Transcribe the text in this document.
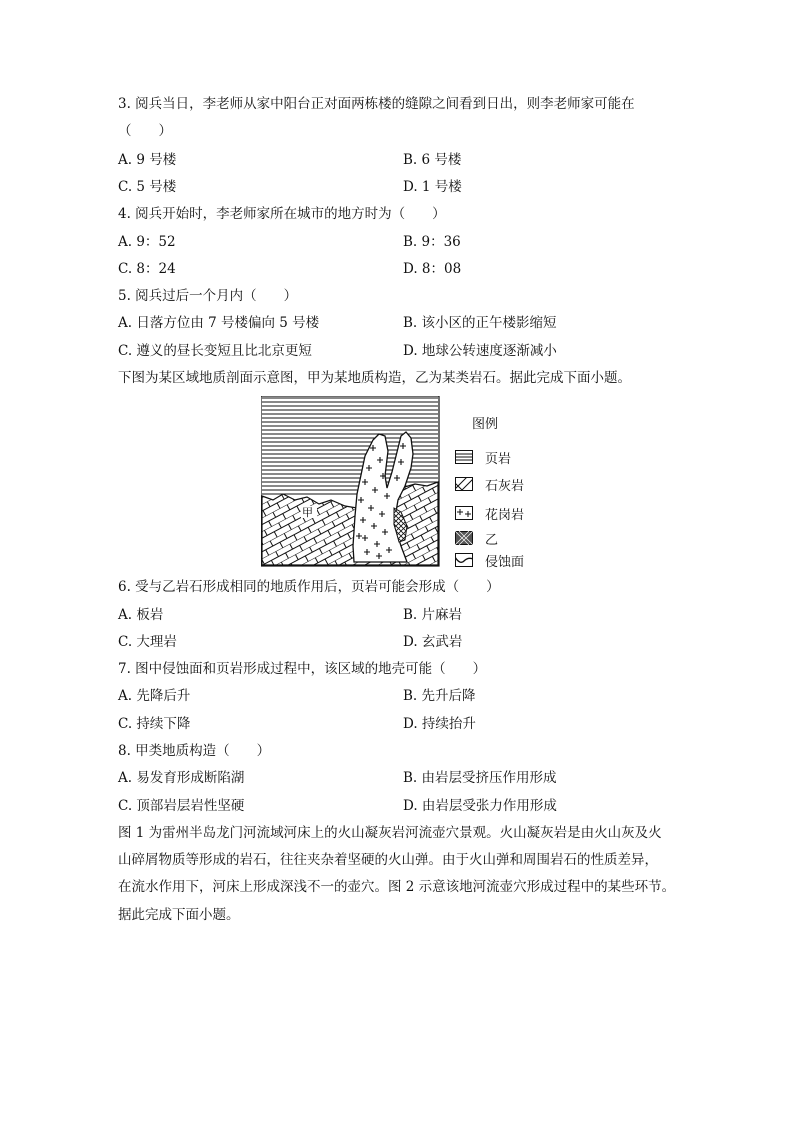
3. 阅兵当日，李老师从家中阳台正对面两栋楼的缝隙之间看到日出，则李老师家可能在
（　　）
A. 9 号楼	B. 6 号楼
C. 5 号楼	D. 1 号楼
4. 阅兵开始时，李老师家所在城市的地方时为（　　）
A. 9：52	B. 9：36
C. 8：24	D. 8：08
5. 阅兵过后一个月内（　　）
A. 日落方位由 7 号楼偏向 5 号楼	B. 该小区的正午楼影缩短
C. 遵义的昼长变短且比北京更短	D. 地球公转速度逐渐减小
下图为某区域地质剖面示意图，甲为某地质构造，乙为某类岩石。据此完成下面小题。
甲
图例
页岩
石灰岩
花岗岩
乙
侵蚀面
6. 受与乙岩石形成相同的地质作用后，页岩可能会形成（　　）
A. 板岩	B. 片麻岩
C. 大理岩	D. 玄武岩
7. 图中侵蚀面和页岩形成过程中，该区域的地壳可能（　　）
A. 先降后升	B. 先升后降
C. 持续下降	D. 持续抬升
8. 甲类地质构造（　　）
A. 易发育形成断陷湖	B. 由岩层受挤压作用形成
C. 顶部岩层岩性坚硬	D. 由岩层受张力作用形成
图 1 为雷州半岛龙门河流域河床上的火山凝灰岩河流壶穴景观。火山凝灰岩是由火山灰及火
山碎屑物质等形成的岩石，往往夹杂着坚硬的火山弹。由于火山弹和周围岩石的性质差异，
在流水作用下，河床上形成深浅不一的壶穴。图 2 示意该地河流壶穴形成过程中的某些环节。
据此完成下面小题。
